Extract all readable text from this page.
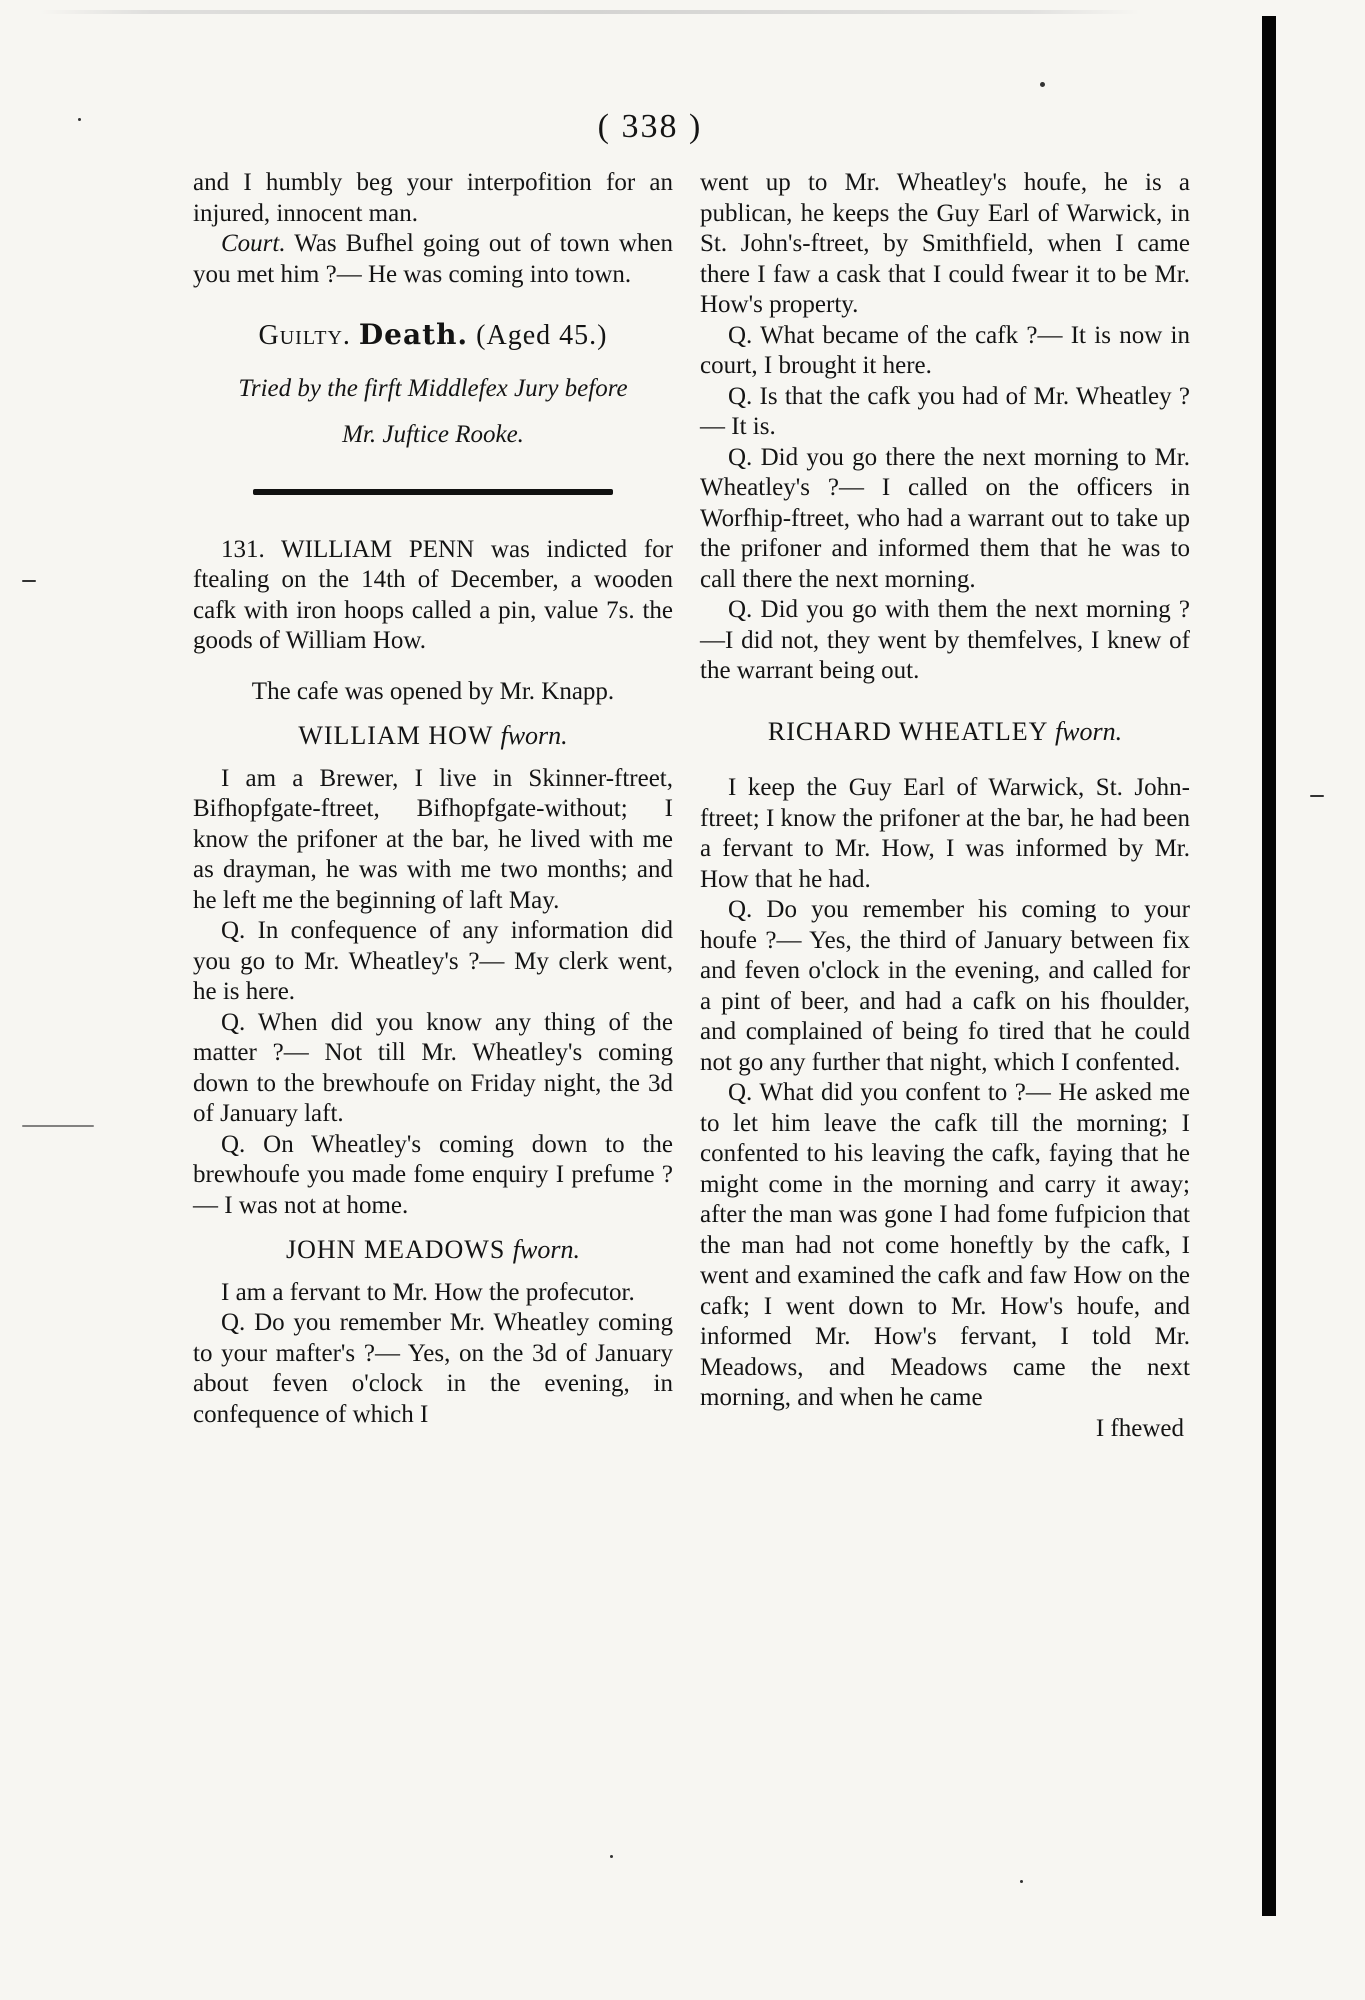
( 338 )

and I humbly beg your interpofition for an injured, innocent man.

Court. Was Bufhel going out of town when you met him ?— He was coming into town.

Guilty. Death. (Aged 45.)

Tried by the firft Middlefex Jury before

Mr. Juftice Rooke.

131. WILLIAM PENN was indicted for ftealing on the 14th of December, a wooden cafk with iron hoops called a pin, value 7s. the goods of William How.

The cafe was opened by Mr. Knapp.

WILLIAM HOW fworn.

I am a Brewer, I live in Skinner-ftreet, Bifhopfgate-ftreet, Bifhopfgate-without; I know the prifoner at the bar, he lived with me as drayman, he was with me two months; and he left me the beginning of laft May.

Q. In confequence of any information did you go to Mr. Wheatley's ?— My clerk went, he is here.

Q. When did you know any thing of the matter ?— Not till Mr. Wheatley's coming down to the brewhoufe on Friday night, the 3d of January laft.

Q. On Wheatley's coming down to the brewhoufe you made fome enquiry I prefume ?— I was not at home.

JOHN MEADOWS fworn.

I am a fervant to Mr. How the profecutor.

Q. Do you remember Mr. Wheatley coming to your mafter's ?— Yes, on the 3d of January about feven o'clock in the evening, in confequence of which I

went up to Mr. Wheatley's houfe, he is a publican, he keeps the Guy Earl of Warwick, in St. John's-ftreet, by Smithfield, when I came there I faw a cask that I could fwear it to be Mr. How's property.

Q. What became of the cafk ?— It is now in court, I brought it here.

Q. Is that the cafk you had of Mr. Wheatley ?— It is.

Q. Did you go there the next morning to Mr. Wheatley's ?— I called on the officers in Worfhip-ftreet, who had a warrant out to take up the prifoner and informed them that he was to call there the next morning.

Q. Did you go with them the next morning ?—I did not, they went by themfelves, I knew of the warrant being out.

RICHARD WHEATLEY fworn.

I keep the Guy Earl of Warwick, St. John-ftreet; I know the prifoner at the bar, he had been a fervant to Mr. How, I was informed by Mr. How that he had.

Q. Do you remember his coming to your houfe ?— Yes, the third of January between fix and feven o'clock in the evening, and called for a pint of beer, and had a cafk on his fhoulder, and complained of being fo tired that he could not go any further that night, which I confented.

Q. What did you confent to ?— He asked me to let him leave the cafk till the morning; I confented to his leaving the cafk, faying that he might come in the morning and carry it away; after the man was gone I had fome fufpicion that the man had not come honeftly by the cafk, I went and examined the cafk and faw How on the cafk; I went down to Mr. How's houfe, and informed Mr. How's fervant, I told Mr. Meadows, and Meadows came the next morning, and when he came

I fhewed
